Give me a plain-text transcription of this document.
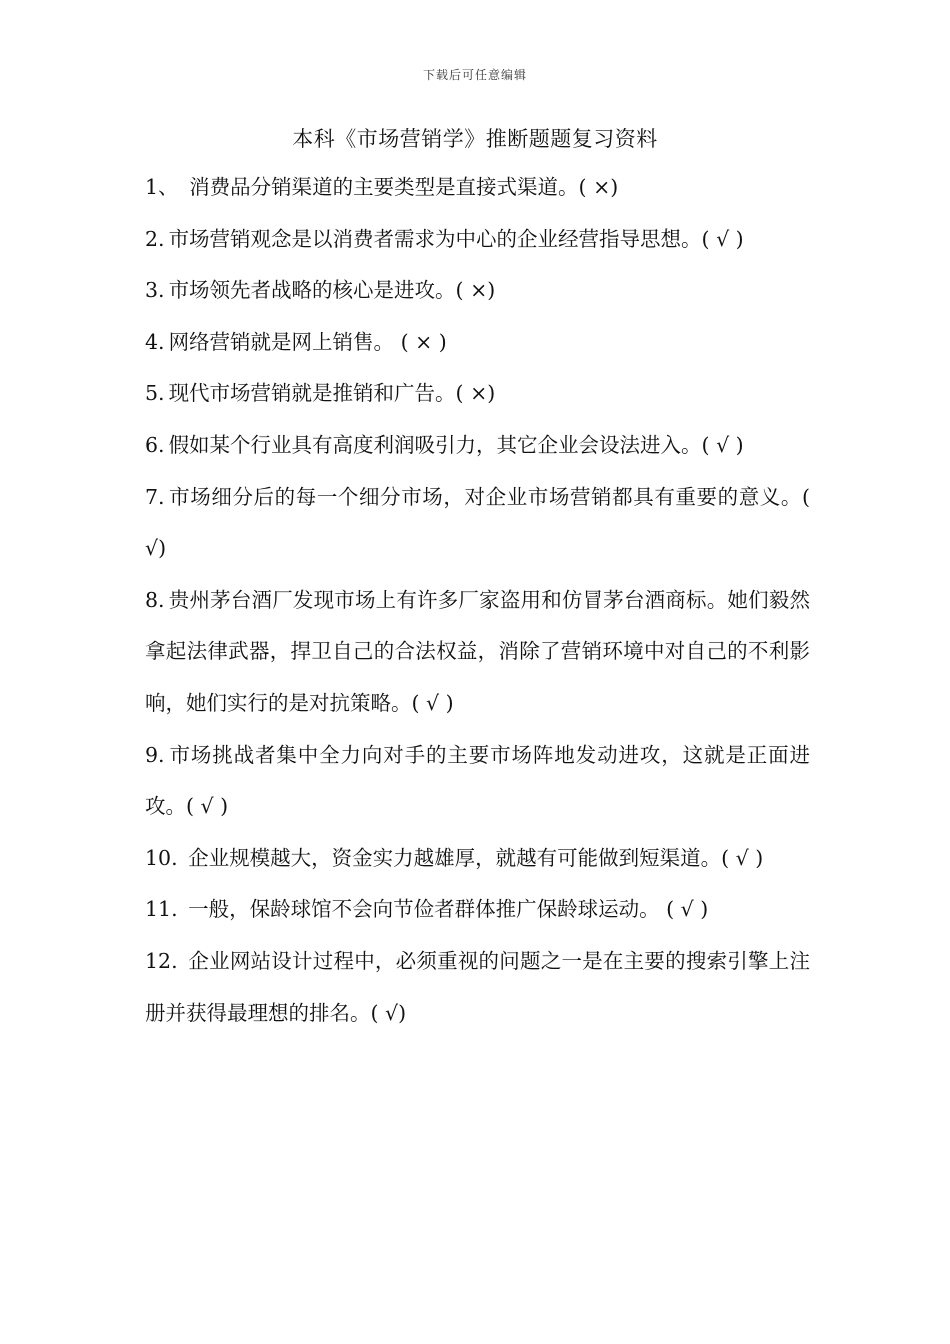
下载后可任意编辑
本科《市场营销学》推断题题复习资料

1、 消费品分销渠道的主要类型是直接式渠道。( ×)

2. 市场营销观念是以消费者需求为中心的企业经营指导思想。( √ )

3. 市场领先者战略的核心是进攻。( ×)

4. 网络营销就是网上销售。 ( × )

5. 现代市场营销就是推销和广告。( ×)

6. 假如某个行业具有高度利润吸引力，其它企业会设法进入。( √ )

7. 市场细分后的每一个细分市场，对企业市场营销都具有重要的意义。( √)

8. 贵州茅台酒厂发现市场上有许多厂家盗用和仿冒茅台酒商标。她们毅然拿起法律武器，捍卫自己的合法权益，消除了营销环境中对自己的不利影响，她们实行的是对抗策略。( √ )

9. 市场挑战者集中全力向对手的主要市场阵地发动进攻，这就是正面进攻。( √ )

10. 企业规模越大，资金实力越雄厚，就越有可能做到短渠道。( √ )

11. 一般，保龄球馆不会向节俭者群体推广保龄球运动。 ( √ )

12. 企业网站设计过程中，必须重视的问题之一是在主要的搜索引擎上注册并获得最理想的排名。( √)
